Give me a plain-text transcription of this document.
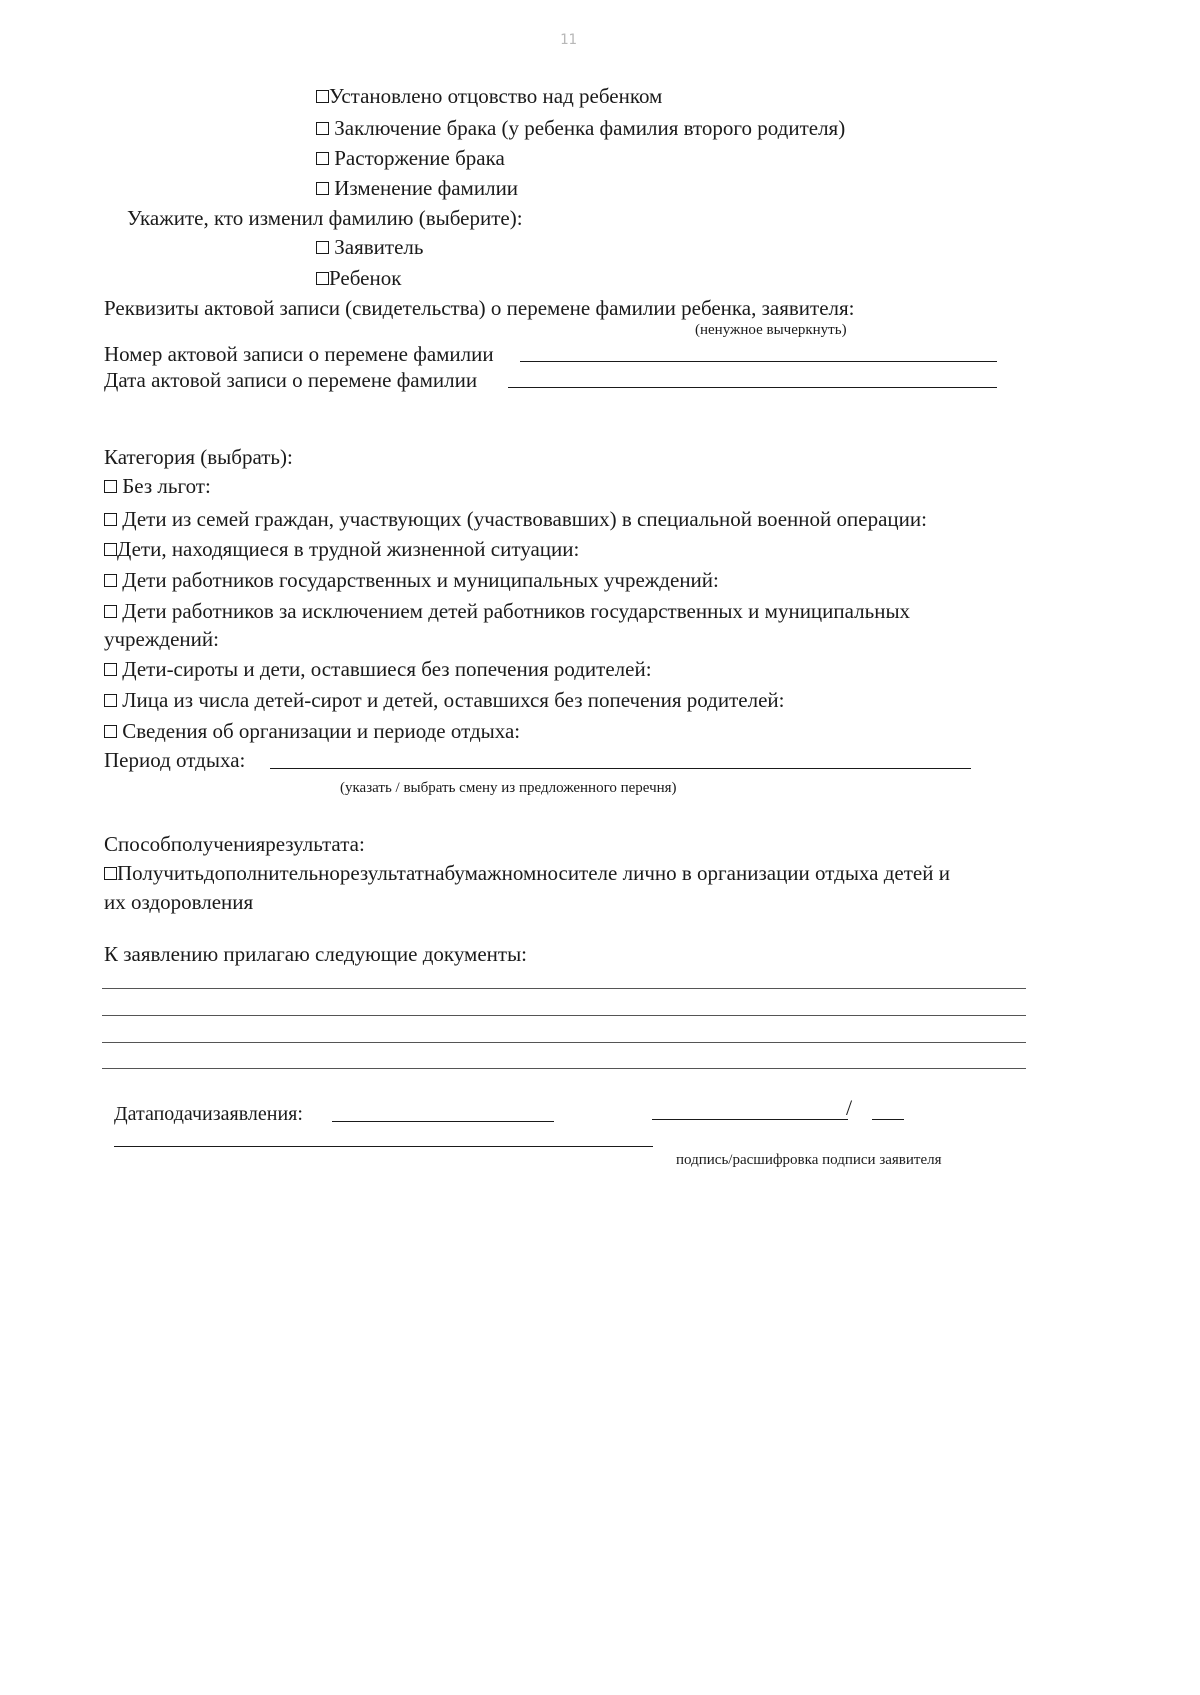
11
Установлено отцовство над ребенком

Заключение брака (у ребенка фамилия второго родителя)

Расторжение брака

Изменение фамилии
Укажите, кто изменил фамилию (выберите):

Заявитель
Ребенок
Реквизиты актовой записи (свидетельства) о перемене фамилии ребенка, заявителя:
(ненужное вычеркнуть)
Номер актовой записи о перемене фамилии
Дата актовой записи о перемене фамилии
Категория (выбрать):

Без льгот:

Дети из семей граждан, участвующих (участвовавших) в специальной военной операции:
Дети, находящиеся в трудной жизненной ситуации:

Дети работников государственных и муниципальных учреждений:

Дети работников за исключением детей работников государственных и муниципальных
учреждений:

Дети-сироты и дети, оставшиеся без попечения родителей:

Лица из числа детей-сирот и детей, оставшихся без попечения родителей:

Сведения об организации и периоде отдыха:
Период отдыха:
(указать / выбрать смену из предложенного перечня)
Способполучениярезультата:
Получитьдополнительнорезультатнабумажномносителе лично в организации отдыха детей и
их оздоровления
К заявлению прилагаю следующие документы:
Датаподачизаявления:	/
подпись/расшифровка подписи заявителя
